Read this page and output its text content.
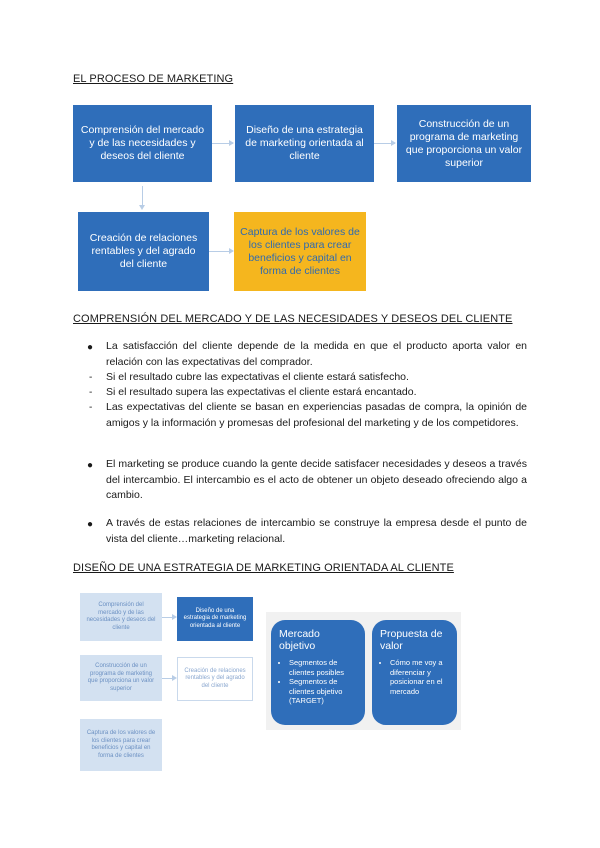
EL PROCESO DE MARKETING
Comprensión del mercado y de las necesidades y deseos del cliente
Diseño de una estrategia de marketing orientada al cliente
Construcción de un programa de marketing que proporciona un valor superior
Creación de relaciones rentables y del agrado del cliente
Captura de los valores de los clientes para crear beneficios y capital en forma de clientes
COMPRENSIÓN DEL MERCADO Y DE LAS NECESIDADES Y DESEOS DEL CLIENTE
● La satisfacción del cliente depende de la medida en que el producto aporta valor en relación con las expectativas del comprador.
- Si el resultado cubre las expectativas el cliente estará satisfecho.
- Si el resultado supera las expectativas el cliente estará encantado.
- Las expectativas del cliente se basan en experiencias pasadas de compra, la opinión de amigos y la información y promesas del profesional del marketing y de los competidores.
● El marketing se produce cuando la gente decide satisfacer necesidades y deseos a través del intercambio. El intercambio es el acto de obtener un objeto deseado ofreciendo algo a cambio.
● A través de estas relaciones de intercambio se construye la empresa desde el punto de vista del cliente…marketing relacional.
DISEÑO DE UNA ESTRATEGIA DE MARKETING ORIENTADA AL CLIENTE
Comprensión del mercado y de las necesidades y deseos del cliente
Diseño de una estrategia de marketing orientada al cliente
Construcción de un programa de marketing que proporciona un valor superior
Creación de relaciones rentables y del agrado del cliente
Captura de los valores de los clientes para crear beneficios y capital en forma de clientes
Mercado objetivo
• Segmentos de clientes posibles
• Segmentos de clientes objetivo (TARGET)
Propuesta de valor
• Cómo me voy a diferenciar y posicionar en el mercado
